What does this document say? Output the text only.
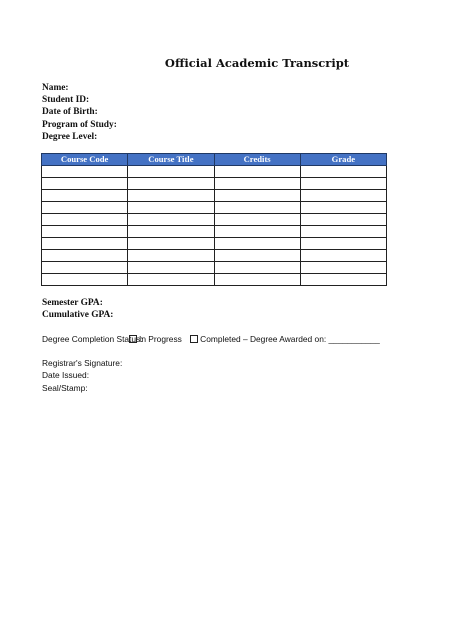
Official Academic Transcript
Name:
Student ID:
Date of Birth:
Program of Study:
Degree Level:
Course Code	Course Title	Credits	Grade

Semester GPA:
Cumulative GPA:
Degree Completion Status:In Progress Completed – Degree Awarded on: ___________
Registrar's Signature:
Date Issued:
Seal/Stamp:
